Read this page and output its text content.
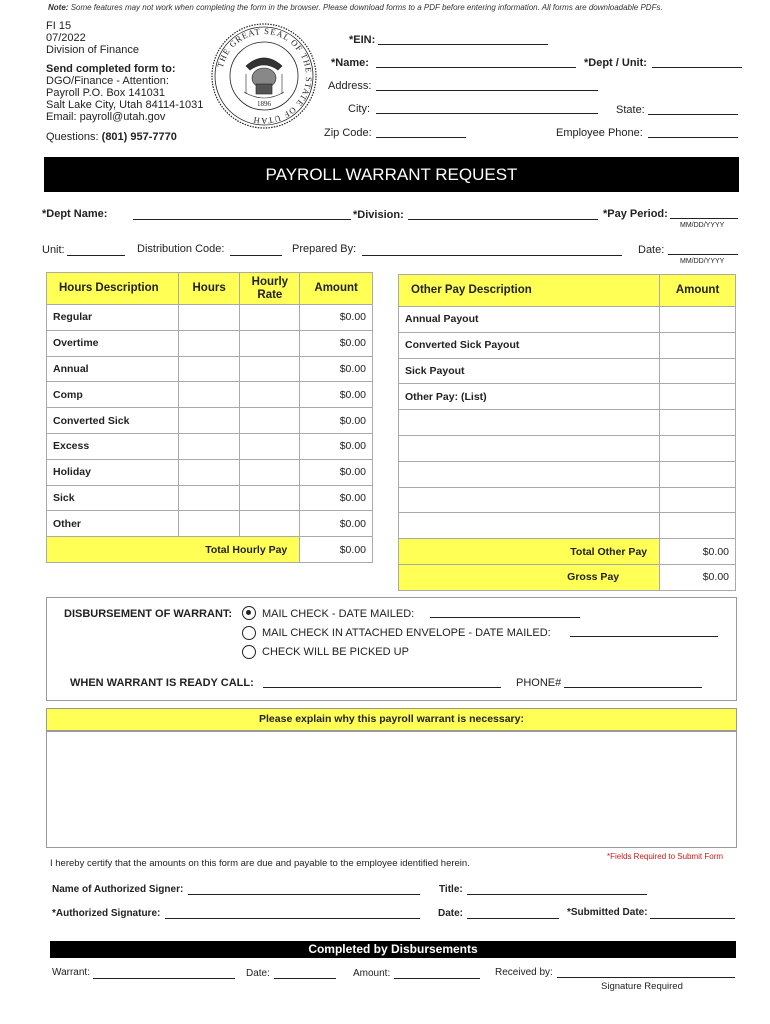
Note: Some features may not work when completing the form in the browser. Please download forms to a PDF before entering information. All forms are downloadable PDFs.
FI 15
07/2022
Division of Finance
Send completed form to:
DGO/Finance - Attention:
Payroll P.O. Box 141031
Salt Lake City, Utah 84114-1031
Email: payroll@utah.gov
Questions: (801) 957-7770
THE GREAT SEAL OF THE STATE OF UTAH
1896
*EIN:
*Name:	*Dept / Unit:
Address:
City:	State:
Zip Code:	Employee Phone:
PAYROLL WARRANT REQUEST
*Dept Name:	*Division:	*Pay Period:
MM/DD/YYYY
Unit:	Distribution Code:	Prepared By:	Date:
MM/DD/YYYY
Hours Description	Hours	Hourly Rate	Amount
Regular			$0.00
Overtime			$0.00
Annual			$0.00
Comp			$0.00
Converted Sick			$0.00
Excess			$0.00
Holiday			$0.00
Sick			$0.00
Other			$0.00
Total Hourly Pay			$0.00
Other Pay Description	Amount
Annual Payout	
Converted Sick Payout	
Sick Payout	
Other Pay: (List)	

Total Other Pay	$0.00
Gross Pay	$0.00
DISBURSEMENT OF WARRANT:	MAIL CHECK - DATE MAILED:
MAIL CHECK IN ATTACHED ENVELOPE - DATE MAILED:
CHECK WILL BE PICKED UP
WHEN WARRANT IS READY CALL:	PHONE#
Please explain why this payroll warrant is necessary:
*Fields Required to Submit Form
I hereby certify that the amounts on this form are due and payable to the employee identified herein.
Name of Authorized Signer:	Title:
*Authorized Signature:	Date:	*Submitted Date:
Completed by Disbursements
Warrant:	Date:	Amount:	Received by:
Signature Required
